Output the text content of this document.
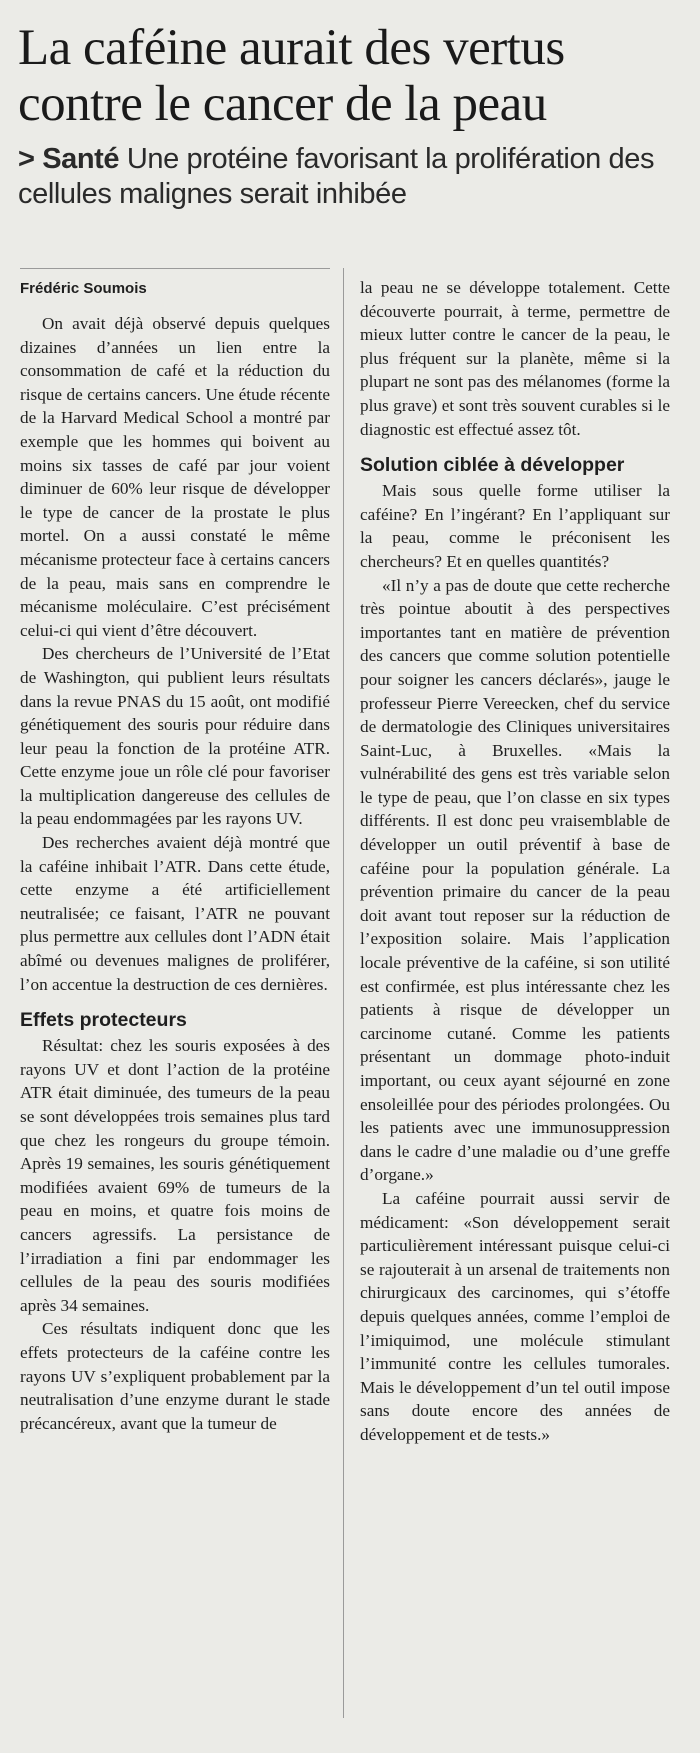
La caféine aurait des vertus contre le cancer de la peau
> Santé Une protéine favorisant la prolifération des cellules malignes serait inhibée
Frédéric Soumois

On avait déjà observé depuis quelques dizaines d’années un lien entre la consommation de café et la réduction du risque de certains cancers. Une étude récente de la Harvard Medical School a montré par exemple que les hommes qui boivent au moins six tasses de café par jour voient diminuer de 60% leur risque de développer le type de cancer de la prostate le plus mortel. On a aussi constaté le même mécanisme protecteur face à certains cancers de la peau, mais sans en comprendre le mécanisme moléculaire. C’est précisément celui-ci qui vient d’être découvert.

Des chercheurs de l’Université de l’Etat de Washington, qui publient leurs résultats dans la revue PNAS du 15 août, ont modifié génétiquement des souris pour réduire dans leur peau la fonction de la protéine ATR. Cette enzyme joue un rôle clé pour favoriser la multiplication dangereuse des cellules de la peau endommagées par les rayons UV.

Des recherches avaient déjà montré que la caféine inhibait l’ATR. Dans cette étude, cette enzyme a été artificiellement neutralisée; ce faisant, l’ATR ne pouvant plus permettre aux cellules dont l’ADN était abîmé ou devenues malignes de proliférer, l’on accentue la destruction de ces dernières.

Effets protecteurs

Résultat: chez les souris exposées à des rayons UV et dont l’action de la protéine ATR était diminuée, des tumeurs de la peau se sont développées trois semaines plus tard que chez les rongeurs du groupe témoin. Après 19 semaines, les souris génétiquement modifiées avaient 69% de tumeurs de la peau en moins, et quatre fois moins de cancers agressifs. La persistance de l’irradiation a fini par endommager les cellules de la peau des souris modifiées après 34 semaines.

Ces résultats indiquent donc que les effets protecteurs de la caféine contre les rayons UV s’expliquent probablement par la neutralisation d’une enzyme durant le stade précancéreux, avant que la tumeur de

la peau ne se développe totalement. Cette découverte pourrait, à terme, permettre de mieux lutter contre le cancer de la peau, le plus fréquent sur la planète, même si la plupart ne sont pas des mélanomes (forme la plus grave) et sont très souvent curables si le diagnostic est effectué assez tôt.

Solution ciblée à développer

Mais sous quelle forme utiliser la caféine? En l’ingérant? En l’appliquant sur la peau, comme le préconisent les chercheurs? Et en quelles quantités?

«Il n’y a pas de doute que cette recherche très pointue aboutit à des perspectives importantes tant en matière de prévention des cancers que comme solution potentielle pour soigner les cancers déclarés», jauge le professeur Pierre Vereecken, chef du service de dermatologie des Cliniques universitaires Saint-Luc, à Bruxelles. «Mais la vulnérabilité des gens est très variable selon le type de peau, que l’on classe en six types différents. Il est donc peu vraisemblable de développer un outil préventif à base de caféine pour la population générale. La prévention primaire du cancer de la peau doit avant tout reposer sur la réduction de l’exposition solaire. Mais l’application locale préventive de la caféine, si son utilité est confirmée, est plus intéressante chez les patients à risque de développer un carcinome cutané. Comme les patients présentant un dommage photo-induit important, ou ceux ayant séjourné en zone ensoleillée pour des périodes prolongées. Ou les patients avec une immunosuppression dans le cadre d’une maladie ou d’une greffe d’organe.»

La caféine pourrait aussi servir de médicament: «Son développement serait particulièrement intéressant puisque celui-ci se rajouterait à un arsenal de traitements non chirurgicaux des carcinomes, qui s’étoffe depuis quelques années, comme l’emploi de l’imiquimod, une molécule stimulant l’immunité contre les cellules tumorales. Mais le développement d’un tel outil impose sans doute encore des années de développement et de tests.»
